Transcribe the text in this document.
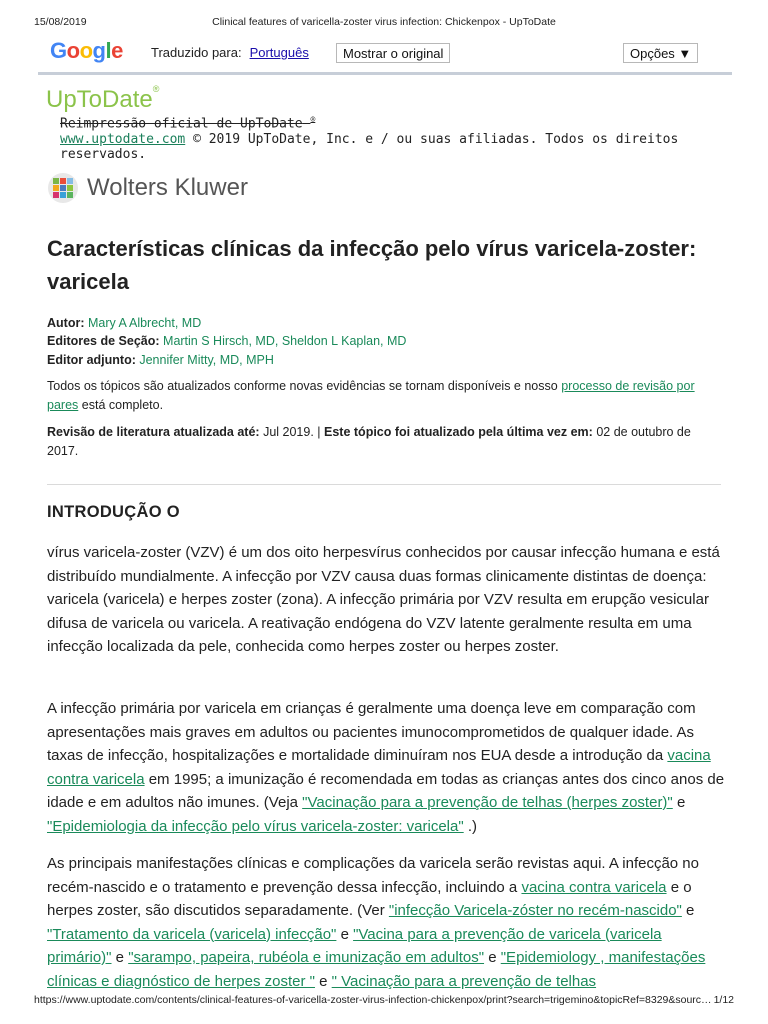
15/08/2019	Clinical features of varicella-zoster virus infection: Chickenpox - UpToDate
Google Traduzido para: Português	Mostrar o original	Opções ▼
UpToDate®
Reimpressão oficial de UpToDate ®
www.uptodate.com © 2019 UpToDate, Inc. e / ou suas afiliadas. Todos os direitos reservados.
Wolters Kluwer
Características clínicas da infecção pelo vírus varicela-zoster: varicela
Autor: Mary A Albrecht, MD
Editores de Seção: Martin S Hirsch, MD, Sheldon L Kaplan, MD
Editor adjunto: Jennifer Mitty, MD, MPH
Todos os tópicos são atualizados conforme novas evidências se tornam disponíveis e nosso processo de revisão por pares está completo.
Revisão de literatura atualizada até: Jul 2019. | Este tópico foi atualizado pela última vez em: 02 de outubro de 2017.
INTRODUÇÃO O

vírus varicela-zoster (VZV) é um dos oito herpesvírus conhecidos por causar infecção humana e está distribuído mundialmente. A infecção por VZV causa duas formas clinicamente distintas de doença: varicela (varicela) e herpes zoster (zona). A infecção primária por VZV resulta em erupção vesicular difusa de varicela ou varicela. A reativação endógena do VZV latente geralmente resulta em uma infecção localizada da pele, conhecida como herpes zoster ou herpes zoster.

A infecção primária por varicela em crianças é geralmente uma doença leve em comparação com apresentações mais graves em adultos ou pacientes imunocomprometidos de qualquer idade. As taxas de infecção, hospitalizações e mortalidade diminuíram nos EUA desde a introdução da vacina contra varicela em 1995; a imunização é recomendada em todas as crianças antes dos cinco anos de idade e em adultos não imunes. (Veja "Vacinação para a prevenção de telhas (herpes zoster)" e "Epidemiologia da infecção pelo vírus varicela-zoster: varicela" .)

As principais manifestações clínicas e complicações da varicela serão revistas aqui. A infecção no recém-nascido e o tratamento e prevenção dessa infecção, incluindo a vacina contra varicela e o herpes zoster, são discutidos separadamente. (Ver "infecção Varicela-zóster no recém-nascido" e "Tratamento da varicela (varicela) infecção" e "Vacina para a prevenção de varicela (varicela primário)" e "sarampo, papeira, rubéola e imunização em adultos" e "Epidemiology , manifestações clínicas e diagnóstico de herpes zoster " e " Vacinação para a prevenção de telhas

https://www.uptodate.com/contents/clinical-features-of-varicella-zoster-virus-infection-chickenpox/print?search=trigemino&topicRef=8329&sourc… 1/12
